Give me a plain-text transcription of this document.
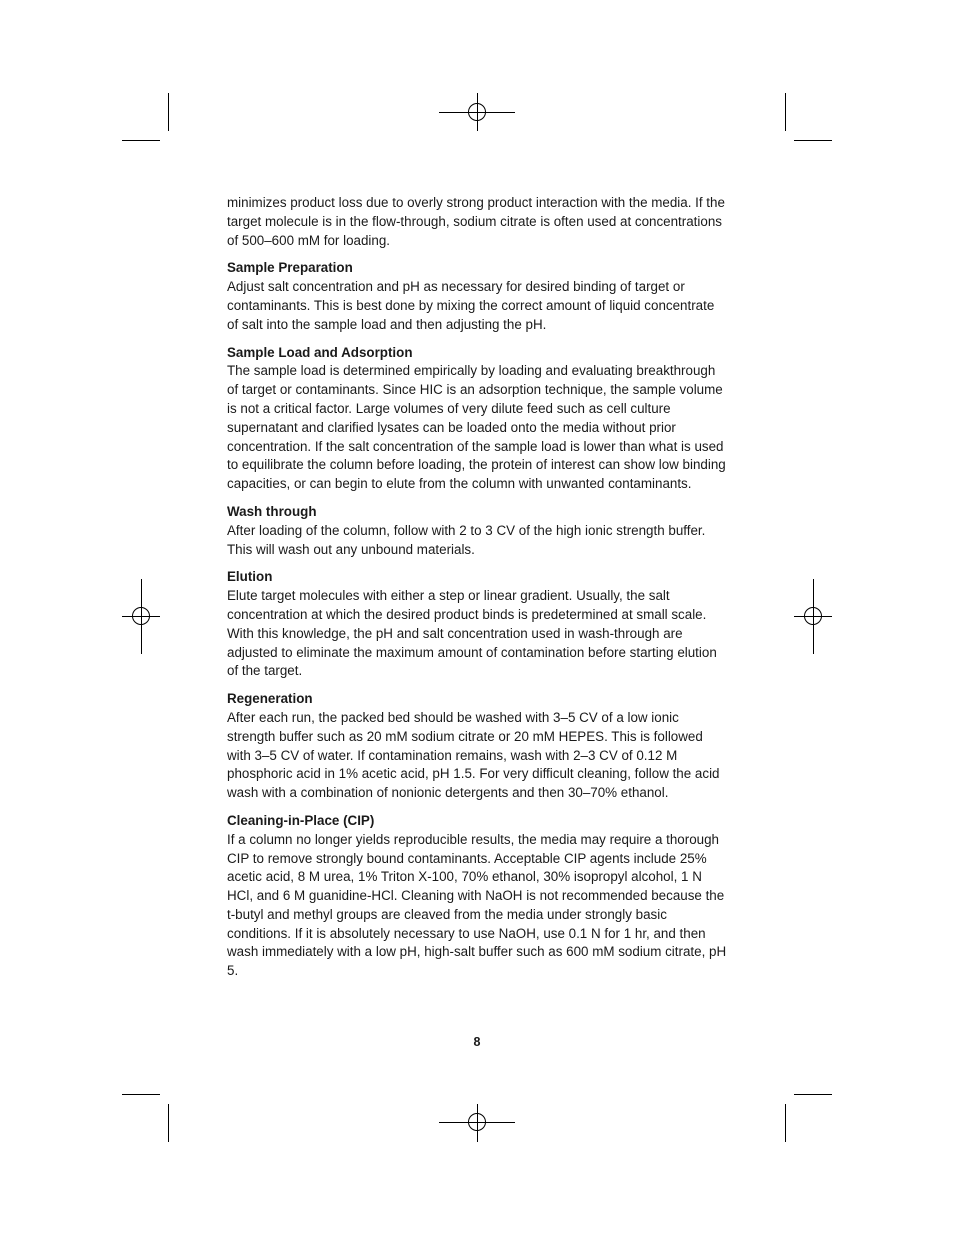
minimizes product loss due to overly strong product interaction with the media. If the target molecule is in the flow-through, sodium citrate is often used at concentrations of 500–600 mM for loading.

Sample Preparation

Adjust salt concentration and pH as necessary for desired binding of target or contaminants. This is best done by mixing the correct amount of liquid concentrate of salt into the sample load and then adjusting the pH.

Sample Load and Adsorption

The sample load is determined empirically by loading and evaluating breakthrough of target or contaminants. Since HIC is an adsorption technique, the sample volume is not a critical factor. Large volumes of very dilute feed such as cell culture supernatant and clarified lysates can be loaded onto the media without prior concentration. If the salt concentration of the sample load is lower than what is used to equilibrate the column before loading, the protein of interest can show low binding capacities, or can begin to elute from the column with unwanted contaminants.

Wash through

After loading of the column, follow with 2 to 3 CV of the high ionic strength buffer. This will wash out any unbound materials.

Elution

Elute target molecules with either a step or linear gradient. Usually, the salt concentration at which the desired product binds is predetermined at small scale. With this knowledge, the pH and salt concentration used in wash-through are adjusted to eliminate the maximum amount of contamination before starting elution of the target.

Regeneration

After each run, the packed bed should be washed with 3–5 CV of a low ionic strength buffer such as 20 mM sodium citrate or 20 mM HEPES. This is followed with 3–5 CV of water. If contamination remains, wash with 2–3 CV of 0.12 M phosphoric acid in 1% acetic acid, pH 1.5. For very difficult cleaning, follow the acid wash with a combination of nonionic detergents and then 30–70% ethanol.

Cleaning-in-Place (CIP)

If a column no longer yields reproducible results, the media may require a thorough CIP to remove strongly bound contaminants. Acceptable CIP agents include 25% acetic acid, 8 M urea, 1% Triton X-100, 70% ethanol, 30% isopropyl alcohol, 1 N HCl, and 6 M guanidine-HCl. Cleaning with NaOH is not recommended because the t-butyl and methyl groups are cleaved from the media under strongly basic conditions. If it is absolutely necessary to use NaOH, use 0.1 N for 1 hr, and then wash immediately with a low pH, high-salt buffer such as 600 mM sodium citrate, pH 5.

8
